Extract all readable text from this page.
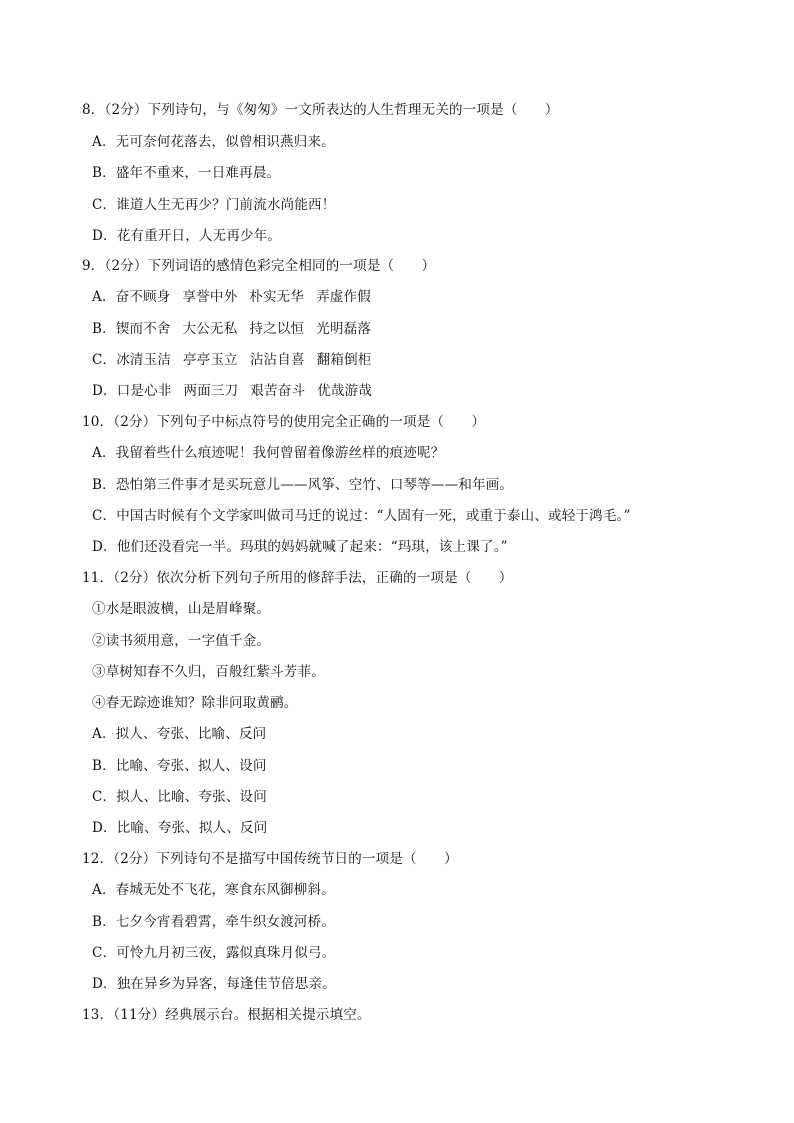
8．（2分）下列诗句，与《匆匆》一文所表达的人生哲理无关的一项是（　　）
A．无可奈何花落去，似曾相识燕归来。
B．盛年不重来，一日难再晨。
C．谁道人生无再少？门前流水尚能西！
D．花有重开日，人无再少年。
9．（2分）下列词语的感情色彩完全相同的一项是（　　）
A．奋不顾身 享誉中外 朴实无华 弄虚作假
B．锲而不舍 大公无私 持之以恒 光明磊落
C．冰清玉洁 亭亭玉立 沾沾自喜 翻箱倒柜
D．口是心非 两面三刀 艰苦奋斗 优哉游哉
10．（2分）下列句子中标点符号的使用完全正确的一项是（　　）
A．我留着些什么痕迹呢！我何曾留着像游丝样的痕迹呢？
B．恐怕第三件事才是买玩意儿——风筝、空竹、口琴等——和年画。
C．中国古时候有个文学家叫做司马迁的说过：“人固有一死，或重于泰山、或轻于鸿毛。”
D．他们还没看完一半。玛琪的妈妈就喊了起来：“玛琪，该上课了。”
11．（2分）依次分析下列句子所用的修辞手法，正确的一项是（　　）
①水是眼波横，山是眉峰聚。
②读书须用意，一字值千金。
③草树知春不久归，百般红紫斗芳菲。
④春无踪迹谁知？除非问取黄鹂。
A．拟人、夸张、比喻、反问
B．比喻、夸张、拟人、设问
C．拟人、比喻、夸张、设问
D．比喻、夸张、拟人、反问
12．（2分）下列诗句不是描写中国传统节日的一项是（　　）
A．春城无处不飞花，寒食东风御柳斜。
B．七夕今宵看碧霄，牵牛织女渡河桥。
C．可怜九月初三夜，露似真珠月似弓。
D．独在异乡为异客，每逢佳节倍思亲。
13．（11分）经典展示台。根据相关提示填空。
